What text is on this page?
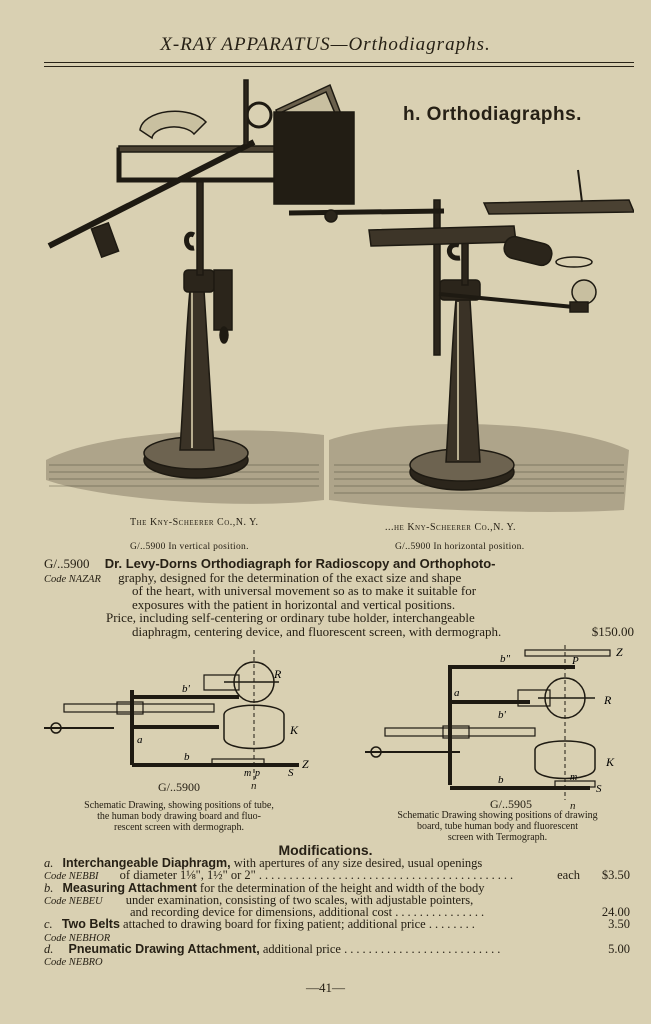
X-RAY APPARATUS—Orthodiagraphs.
h. Orthodiagraphs.
The Kny-Scheerer Co.,N. Y.	...he Kny-Scheerer Co.,N. Y.
G/..5900 In vertical position.	G/..5900 In horizontal position.
G/..5900 Dr. Levy-Dorns Orthodiagraph for Radioscopy and Orthophoto-
Code NAZAR graphy, designed for the determination of the exact size and shape
of the heart, with universal movement so as to make it suitable for
exposures with the patient in horizontal and vertical positions.
Price, including self-centering or ordinary tube holder, interchangeable
diaphragm, centering device, and fluorescent screen, with dermograph.	$150.00
R
K
b'
a
b	Z
S
m p
G/..5900	n
Schematic Drawing, showing positions of tube,
the human body drawing board and fluo-
rescent screen with dermograph.
b"	P
Z
a	R
b'
K
b
S
m
G/..5905	n
Schematic Drawing showing positions of drawing
board, tube human body and fluorescent
screen with Termograph.
Modifications.
a. Interchangeable Diaphragm, with apertures of any size desired, usual openings
Code NEBBI of diameter 1⅛", 1½" or 2" ..........................................	each $3.50
b. Measuring Attachment for the determination of the height and width of the body
Code NEBEU under examination, consisting of two scales, with adjustable pointers,
and recording device for dimensions, additional cost ...............	24.00
c. Two Belts attached to drawing board for fixing patient; additional price ........	3.50
Code NEBHOR
d. Pneumatic Drawing Attachment, additional price ..........................	5.00
Code NEBRO
—41—
